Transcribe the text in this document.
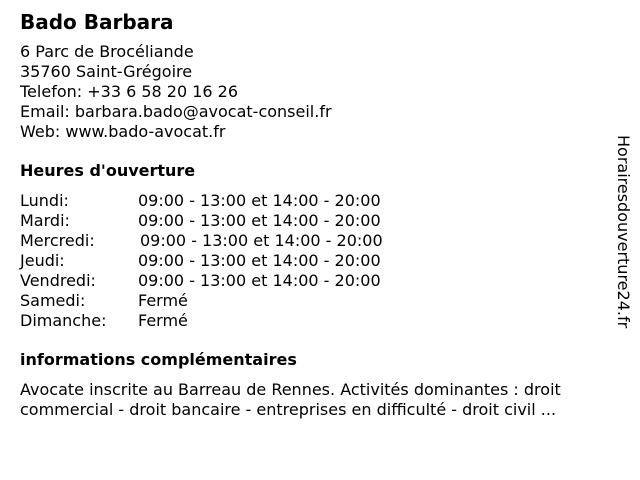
Bado Barbara
6 Parc de Brocéliande
35760 Saint-Grégoire
Telefon: +33 6 58 20 16 26
Email: barbara.bado@avocat-conseil.fr
Web: www.bado-avocat.fr
Heures d'ouverture
Lundi:	09:00 - 13:00 et 14:00 - 20:00
Mardi:	09:00 - 13:00 et 14:00 - 20:00
Mercredi:	09:00 - 13:00 et 14:00 - 20:00
Jeudi:	09:00 - 13:00 et 14:00 - 20:00
Vendredi:	09:00 - 13:00 et 14:00 - 20:00
Samedi:	Fermé
Dimanche:	Fermé
informations complémentaires
Avocate inscrite au Barreau de Rennes. Activités dominantes : droit commercial - droit bancaire - entreprises en difficulté - droit civil ...
Horairesdouverture24.fr
